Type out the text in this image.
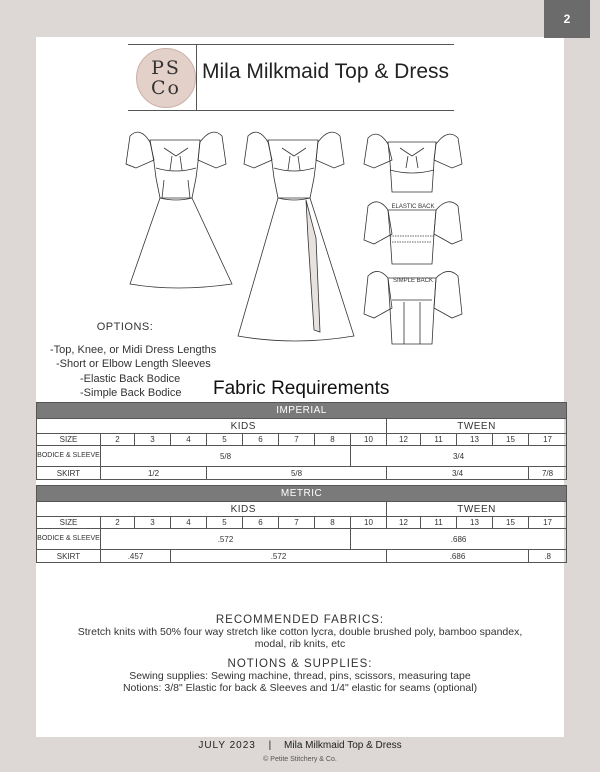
2
PS
Co
Mila Milkmaid Top & Dress
ELASTIC BACK
SIMPLE BACK
OPTIONS:
-Top, Knee, or Midi Dress Lengths
-Short or Elbow Length Sleeves
-Elastic Back Bodice
-Simple Back Bodice	Fabric Requirements
IMPERIAL													
	KIDS								TWEEN				
SIZE	2	3	4	5	6	7	8	10	12	11	13	15	17
BODICE & SLEEVE	5/8							3/4					
SKIRT	1/2			5/8					3/4				7/8
METRIC													
	KIDS								TWEEN				
SIZE	2	3	4	5	6	7	8	10	12	11	13	15	17
BODICE & SLEEVE	.572							.686					
SKIRT	.457		.572						.686				.8
RECOMMENDED FABRICS:
Stretch knits with 50% four way stretch like cotton lycra, double brushed poly, bamboo spandex,
modal, rib knits, etc
NOTIONS & SUPPLIES:
Sewing supplies: Sewing machine, thread, pins, scissors, measuring tape
Notions: 3/8" Elastic for back & Sleeves and 1/4" elastic for seams (optional)
JULY 2023 | Mila Milkmaid Top & Dress
© Petite Stitchery & Co.
